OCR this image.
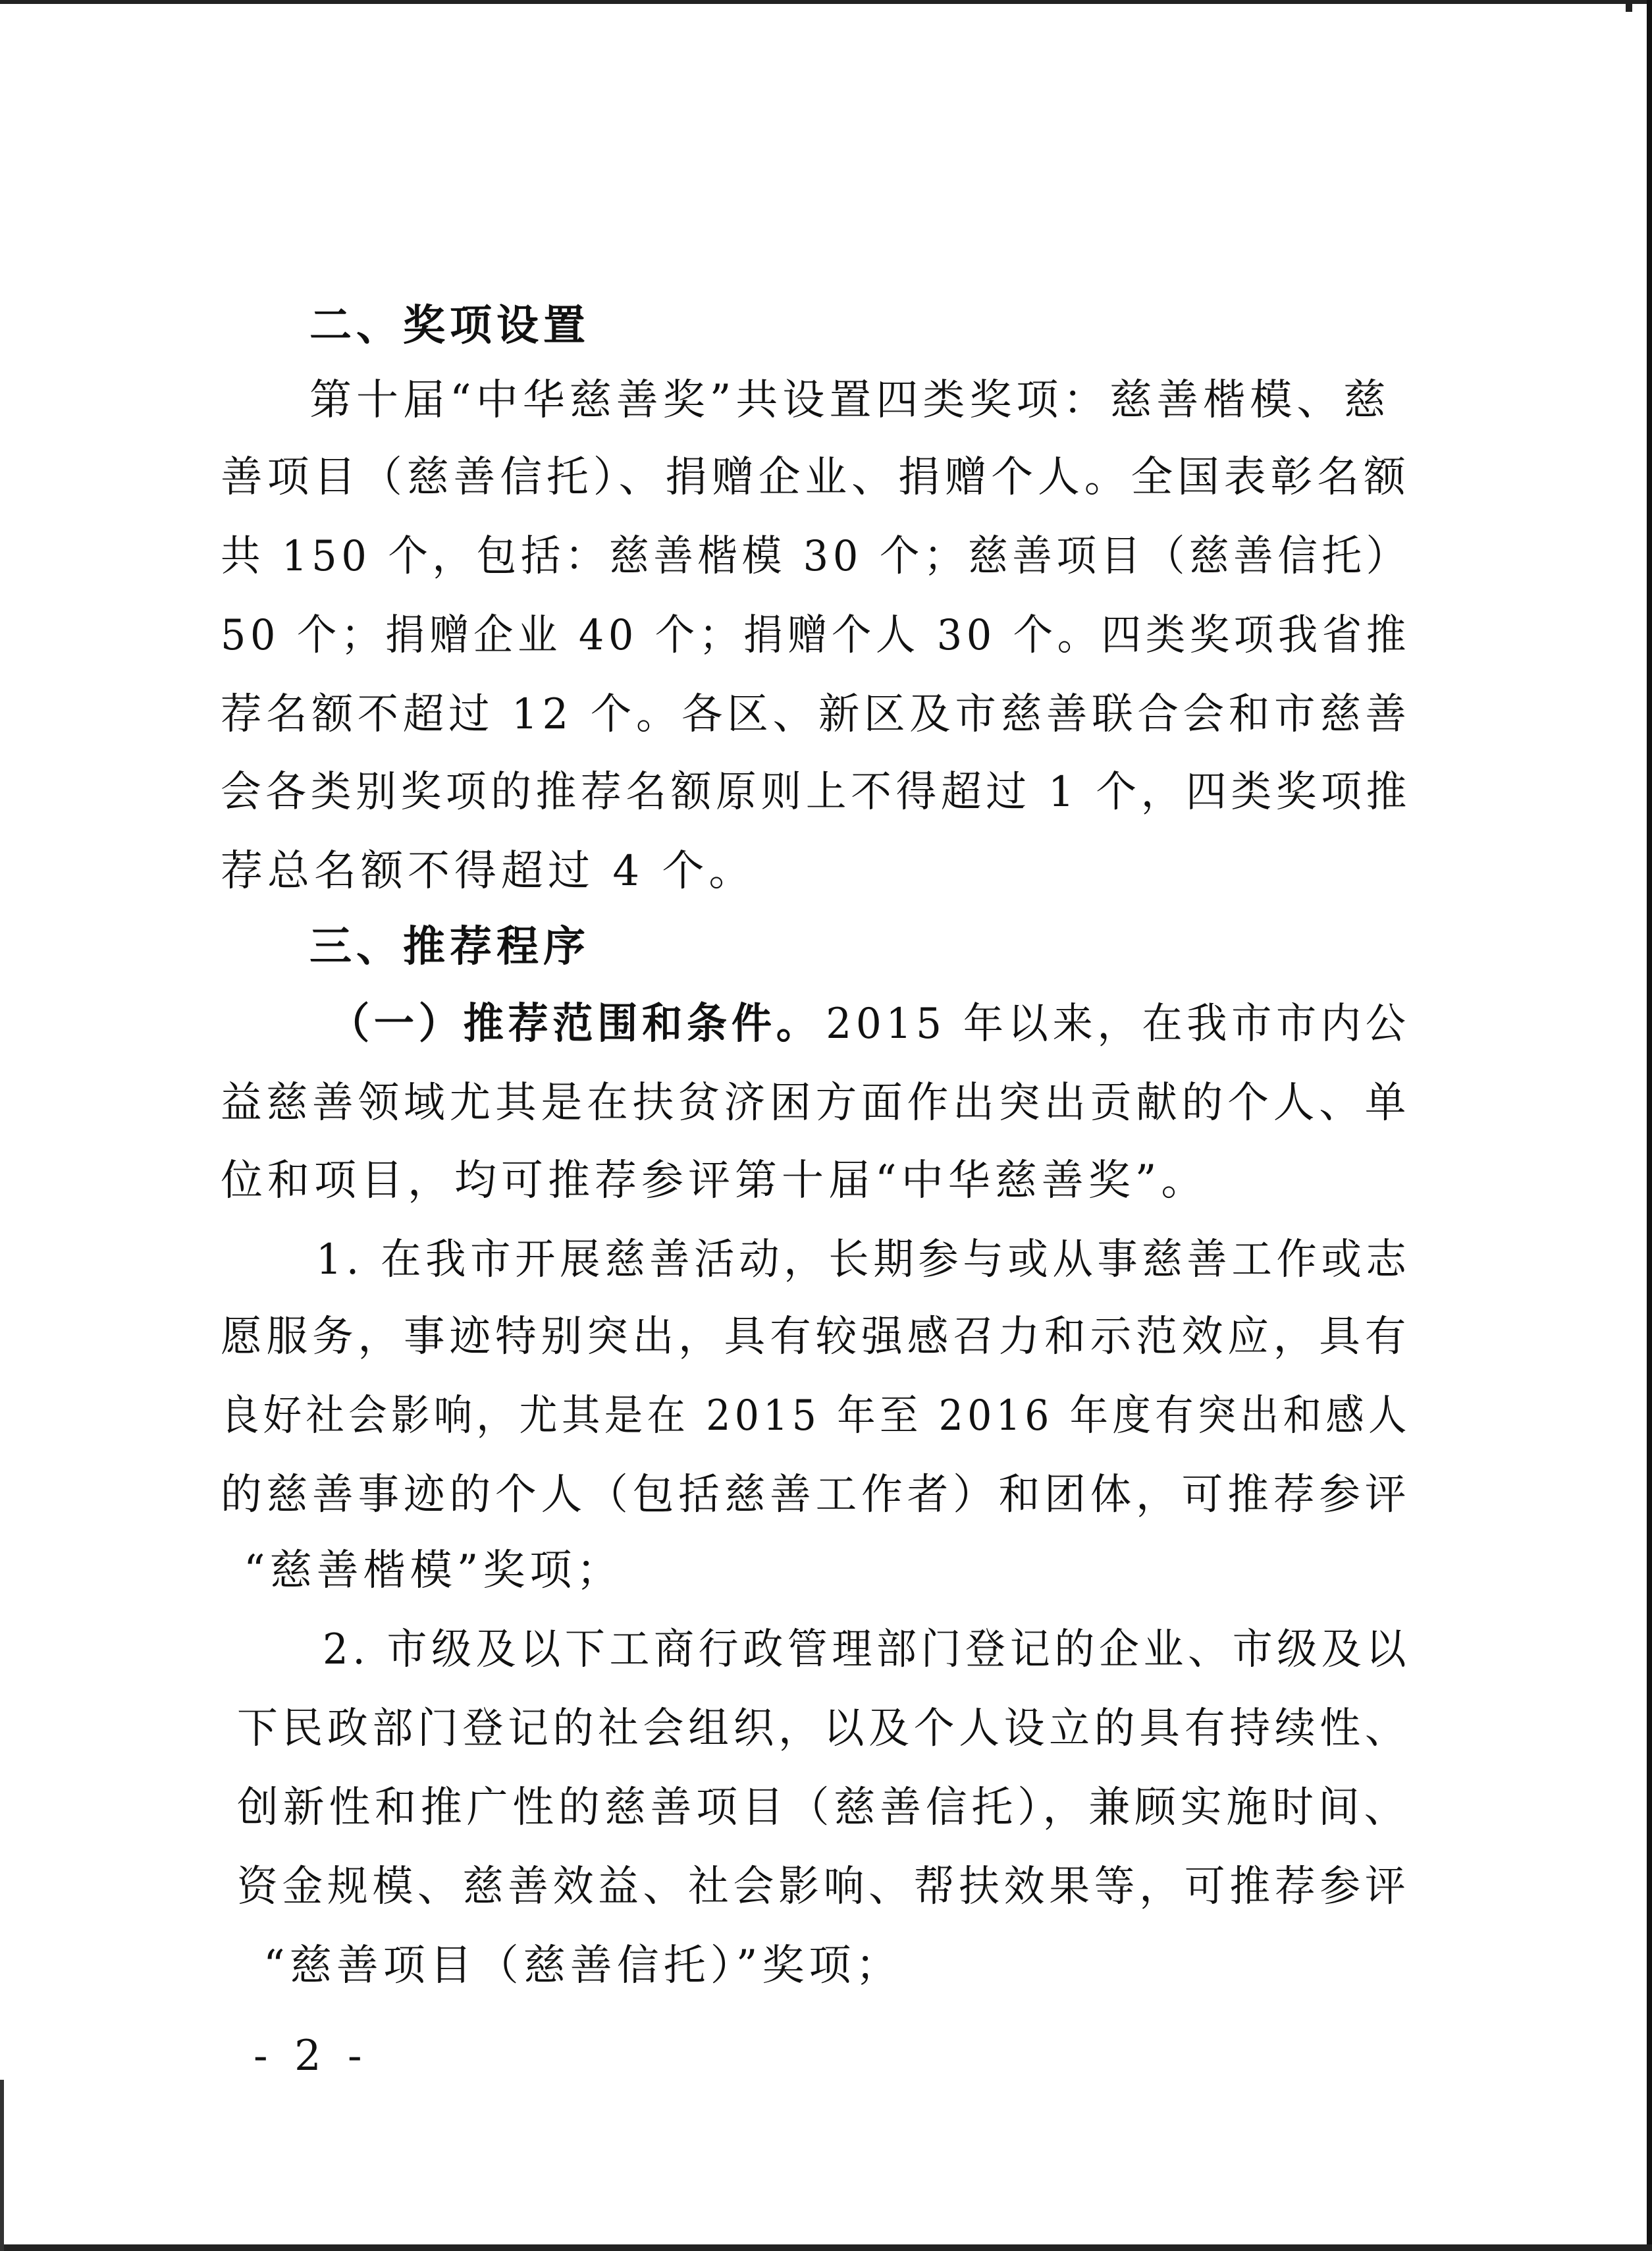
二、奖项设置
第十届“中华慈善奖”共设置四类奖项：慈善楷模、慈
善项目（慈善信托）、捐赠企业、捐赠个人。全国表彰名额
共 150 个，包括：慈善楷模 30 个；慈善项目（慈善信托）
50 个；捐赠企业 40 个；捐赠个人 30 个。四类奖项我省推
荐名额不超过 12 个。各区、新区及市慈善联合会和市慈善
会各类别奖项的推荐名额原则上不得超过 1 个，四类奖项推
荐总名额不得超过 4 个。
三、推荐程序
（一）推荐范围和条件。 2015 年以来，在我市市内公
益慈善领域尤其是在扶贫济困方面作出突出贡献的个人、单
位和项目，均可推荐参评第十届“中华慈善奖”。
1. 在我市开展慈善活动，长期参与或从事慈善工作或志
愿服务，事迹特别突出，具有较强感召力和示范效应，具有
良好社会影响，尤其是在 2015 年至 2016 年度有突出和感人
的慈善事迹的个人（包括慈善工作者）和团体，可推荐参评
“慈善楷模”奖项；
2. 市级及以下工商行政管理部门登记的企业、市级及以
下民政部门登记的社会组织，以及个人设立的具有持续性、
创新性和推广性的慈善项目（慈善信托），兼顾实施时间、
资金规模、慈善效益、社会影响、帮扶效果等，可推荐参评
“慈善项目（慈善信托）”奖项；
- 2 -
